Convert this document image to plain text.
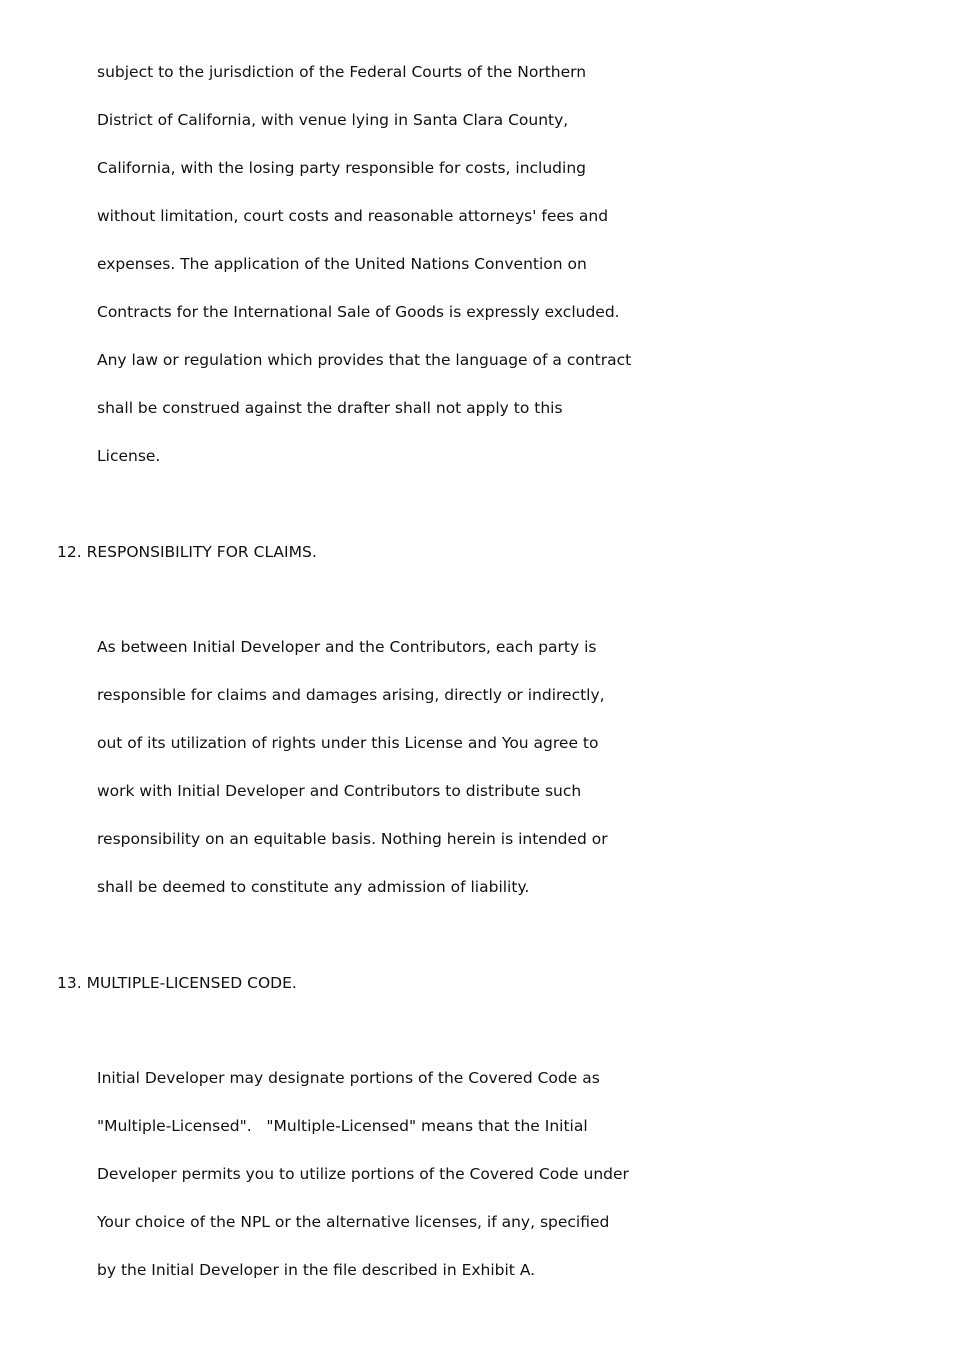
subject to the jurisdiction of the Federal Courts of the Northern
District of California, with venue lying in Santa Clara County,
California, with the losing party responsible for costs, including
without limitation, court costs and reasonable attorneys' fees and
expenses. The application of the United Nations Convention on
Contracts for the International Sale of Goods is expressly excluded.
Any law or regulation which provides that the language of a contract
shall be construed against the drafter shall not apply to this
License.
12. RESPONSIBILITY FOR CLAIMS.
As between Initial Developer and the Contributors, each party is
responsible for claims and damages arising, directly or indirectly,
out of its utilization of rights under this License and You agree to
work with Initial Developer and Contributors to distribute such
responsibility on an equitable basis. Nothing herein is intended or
shall be deemed to constitute any admission of liability.
13. MULTIPLE-LICENSED CODE.
Initial Developer may designate portions of the Covered Code as
"Multiple-Licensed".   "Multiple-Licensed" means that the Initial
Developer permits you to utilize portions of the Covered Code under
Your choice of the NPL or the alternative licenses, if any, specified
by the Initial Developer in the file described in Exhibit A.
